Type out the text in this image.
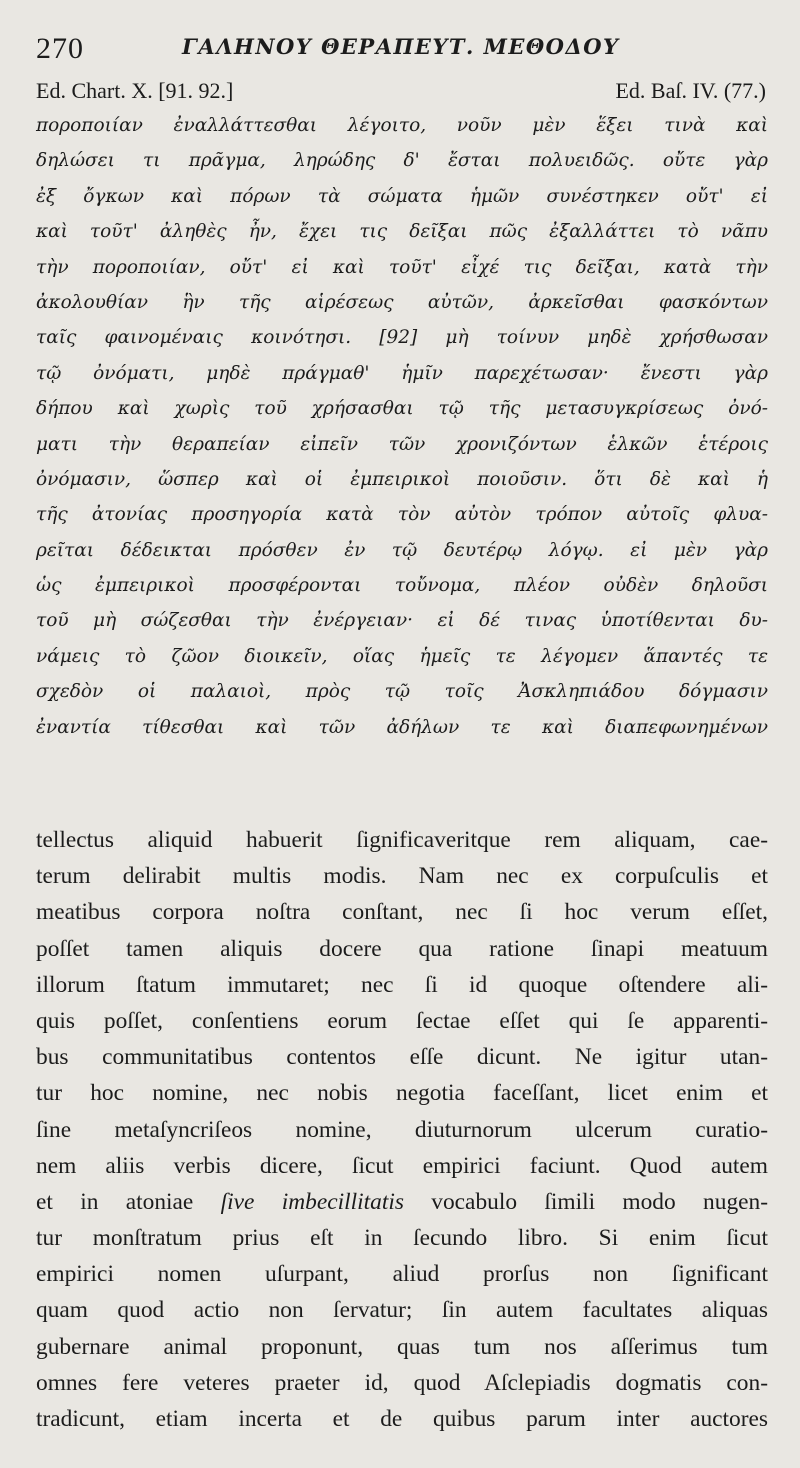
270	ΓΑΛΗΝΟΥ ΘΕΡΑΠΕΥΤ. ΜΕΘΟΔΟΥ
Ed. Chart. X. [91. 92.]	Ed. Baſ. IV. (77.)
πορoποιίαν ἐναλλάττεσθαι λέγοιτο, νοῦν μὲν ἕξει τινὰ καὶ
δηλώσει τι πρᾶγμα, ληρώδης δ' ἔσται πολυειδῶς. οὔτε γὰρ
ἐξ ὄγκων καὶ πόρων τὰ σώματα ἡμῶν συνέστηκεν οὔτ' εἰ
καὶ τοῦτ' ἀληθὲς ἦν, ἔχει τις δεῖξαι πῶς ἐξαλλάττει τὸ νᾶπυ
τὴν πορoποιίαν, οὔτ' εἰ καὶ τοῦτ' εἶχέ τις δεῖξαι, κατὰ τὴν
ἀκολουθίαν ἣν τῆς αἱρέσεως αὐτῶν, ἀρκεῖσθαι φασκόντων
ταῖς φαινομέναις κοινότησι. [92] μὴ τοίνυν μηδὲ χρήσθωσαν
τῷ ὀνόματι, μηδὲ πράγμαθ' ἡμῖν παρεχέτωσαν· ἔνεστι γὰρ
δήπου καὶ χωρὶς τοῦ χρήσασθαι τῷ τῆς μετασυγκρίσεως ὀνό-
ματι τὴν θεραπείαν εἰπεῖν τῶν χρονιζόντων ἑλκῶν ἑτέροις
ὀνόμασιν, ὥσπερ καὶ οἱ ἐμπειρικοὶ ποιοῦσιν. ὅτι δὲ καὶ ἡ
τῆς ἀτονίας προσηγορία κατὰ τὸν αὐτὸν τρόπον αὐτοῖς φλυα-
ρεῖται δέδεικται πρόσθεν ἐν τῷ δευτέρῳ λόγῳ. εἰ μὲν γὰρ
ὡς ἐμπειρικοὶ προσφέρονται τοὔνομα, πλέον οὐδὲν δηλοῦσι
τοῦ μὴ σώζεσθαι τὴν ἐνέργειαν· εἰ δέ τινας ὑποτίθενται δυ-
νάμεις τὸ ζῶον διοικεῖν, οἵας ἡμεῖς τε λέγομεν ἅπαντές τε
σχεδὸν οἱ παλαιοὶ, πρὸς τῷ τοῖς Ἀσκληπιάδου δόγμασιν
ἐναντία τίθεσθαι καὶ τῶν ἀδήλων τε καὶ διαπεφωνημένων
tellectus aliquid habuerit ſignificaveritque rem aliquam, cae-
terum delirabit multis modis. Nam nec ex corpuſculis et
meatibus corpora noſtra conſtant, nec ſi hoc verum eſſet,
poſſet tamen aliquis docere qua ratione ſinapi meatuum
illorum ſtatum immutaret; nec ſi id quoque oſtendere ali-
quis poſſet, conſentiens eorum ſectae eſſet qui ſe apparenti-
bus communitatibus contentos eſſe dicunt. Ne igitur utan-
tur hoc nomine, nec nobis negotia faceſſant, licet enim et
ſine metaſyncriſeos nomine, diuturnorum ulcerum curatio-
nem aliis verbis dicere, ſicut empirici faciunt. Quod autem
et in atoniae ſive imbecillitatis vocabulo ſimili modo nugen-
tur monſtratum prius eſt in ſecundo libro. Si enim ſicut
empirici nomen uſurpant, aliud prorſus non ſignificant
quam quod actio non ſervatur; ſin autem facultates aliquas
gubernare animal proponunt, quas tum nos aſſerimus tum
omnes fere veteres praeter id, quod Aſclepiadis dogmatis con-
tradicunt, etiam incerta et de quibus parum inter auctores
